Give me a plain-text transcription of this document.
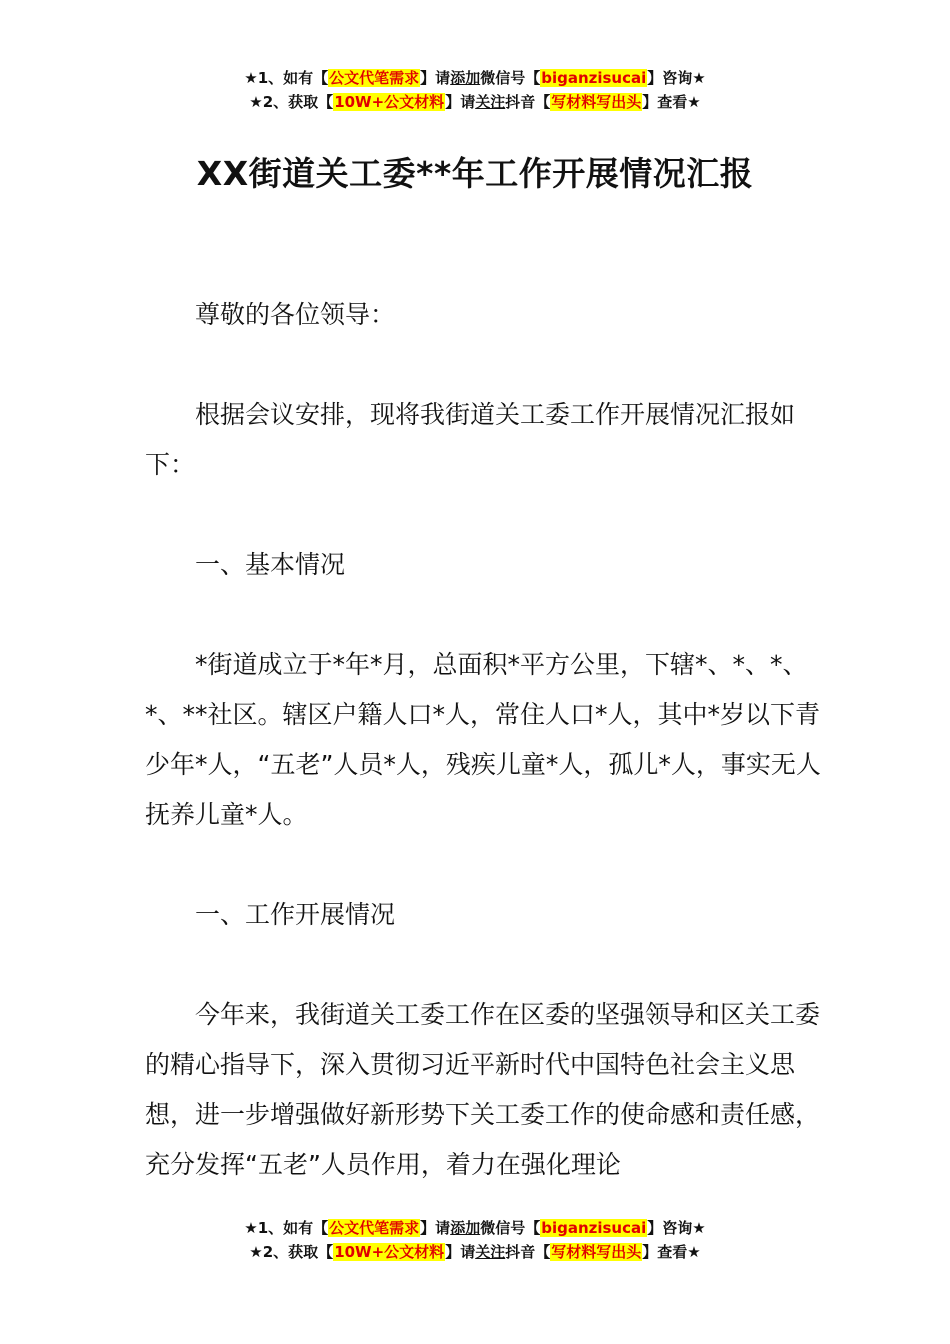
★1、如有【公文代笔需求】请添加微信号【biganzisucai】咨询★
★2、获取【10W+公文材料】请关注抖音【写材料写出头】查看★
XX街道关工委**年工作开展情况汇报

尊敬的各位领导：

根据会议安排，现将我街道关工委工作开展情况汇报如下：

一、基本情况

*街道成立于*年*月，总面积*平方公里，下辖*、*、*、*、**社区。辖区户籍人口*人，常住人口*人，其中*岁以下青少年*人，“五老”人员*人，残疾儿童*人，孤儿*人，事实无人抚养儿童*人。

一、工作开展情况

今年来，我街道关工委工作在区委的坚强领导和区关工委的精心指导下，深入贯彻习近平新时代中国特色社会主义思想，进一步增强做好新形势下关工委工作的使命感和责任感，充分发挥“五老”人员作用，着力在强化理论

★1、如有【公文代笔需求】请添加微信号【biganzisucai】咨询★
★2、获取【10W+公文材料】请关注抖音【写材料写出头】查看★
